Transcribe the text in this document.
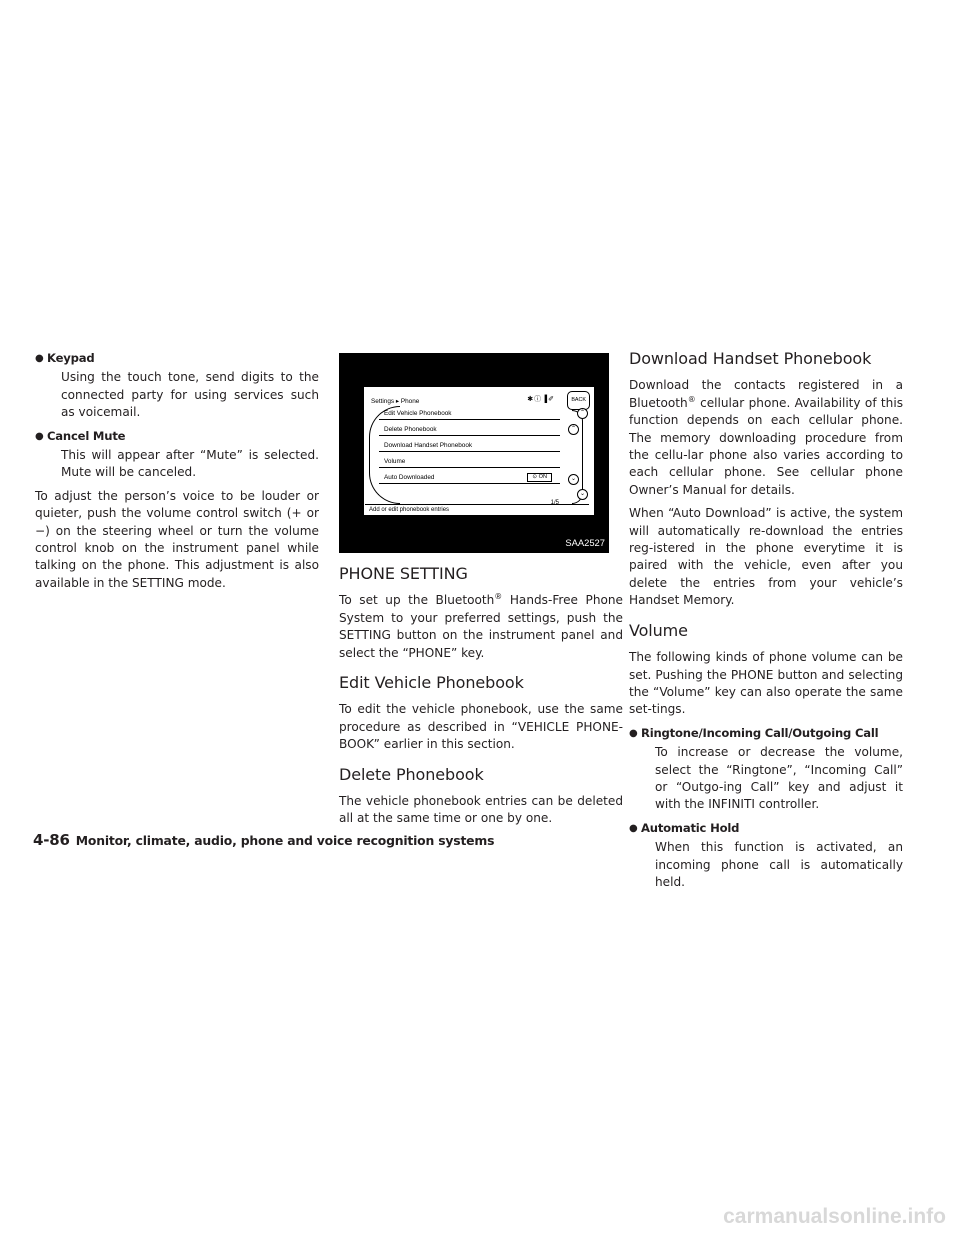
● Keypad

Using the touch tone, send digits to the connected party for using services such as voicemail.

● Cancel Mute

This will appear after “Mute” is selected. Mute will be canceled.

To adjust the person’s voice to be louder or quieter, push the volume control switch (+ or −) on the steering wheel or turn the volume control knob on the instrument panel while talking on the phone. This adjustment is also available in the SETTING mode.

Settings ▸ Phone	✱ⓘ▐✐	BACK
Edit Vehicle Phonebook
Delete Phonebook
Download Handset Phonebook
Volume
Auto Downloaded	⊙ ON
⌃
⌃
⌄
⌄
1/5
Add or edit phonebook entries
SAA2527
PHONE SETTING

To set up the Bluetooth® Hands-Free Phone System to your preferred settings, push the SETTING button on the instrument panel and select the “PHONE” key.

Edit Vehicle Phonebook

To edit the vehicle phonebook, use the same procedure as described in “VEHICLE PHONE-BOOK” earlier in this section.

Delete Phonebook

The vehicle phonebook entries can be deleted all at the same time or one by one.

Download Handset Phonebook

Download the contacts registered in a Bluetooth® cellular phone. Availability of this function depends on each cellular phone. The memory downloading procedure from the cellu-lar phone also varies according to each cellular phone. See cellular phone Owner’s Manual for details.

When “Auto Download” is active, the system will automatically re-download the entries reg-istered in the phone everytime it is paired with the vehicle, even after you delete the entries from your vehicle’s Handset Memory.

Volume

The following kinds of phone volume can be set. Pushing the PHONE button and selecting the “Volume” key can also operate the same set-tings.

● Ringtone/Incoming Call/Outgoing Call

To increase or decrease the volume, select the “Ringtone”, “Incoming Call” or “Outgo-ing Call” key and adjust it with the INFINITI controller.

● Automatic Hold

When this function is activated, an incoming phone call is automatically held.

4-86 Monitor, climate, audio, phone and voice recognition systems
carmanualsonline.info
